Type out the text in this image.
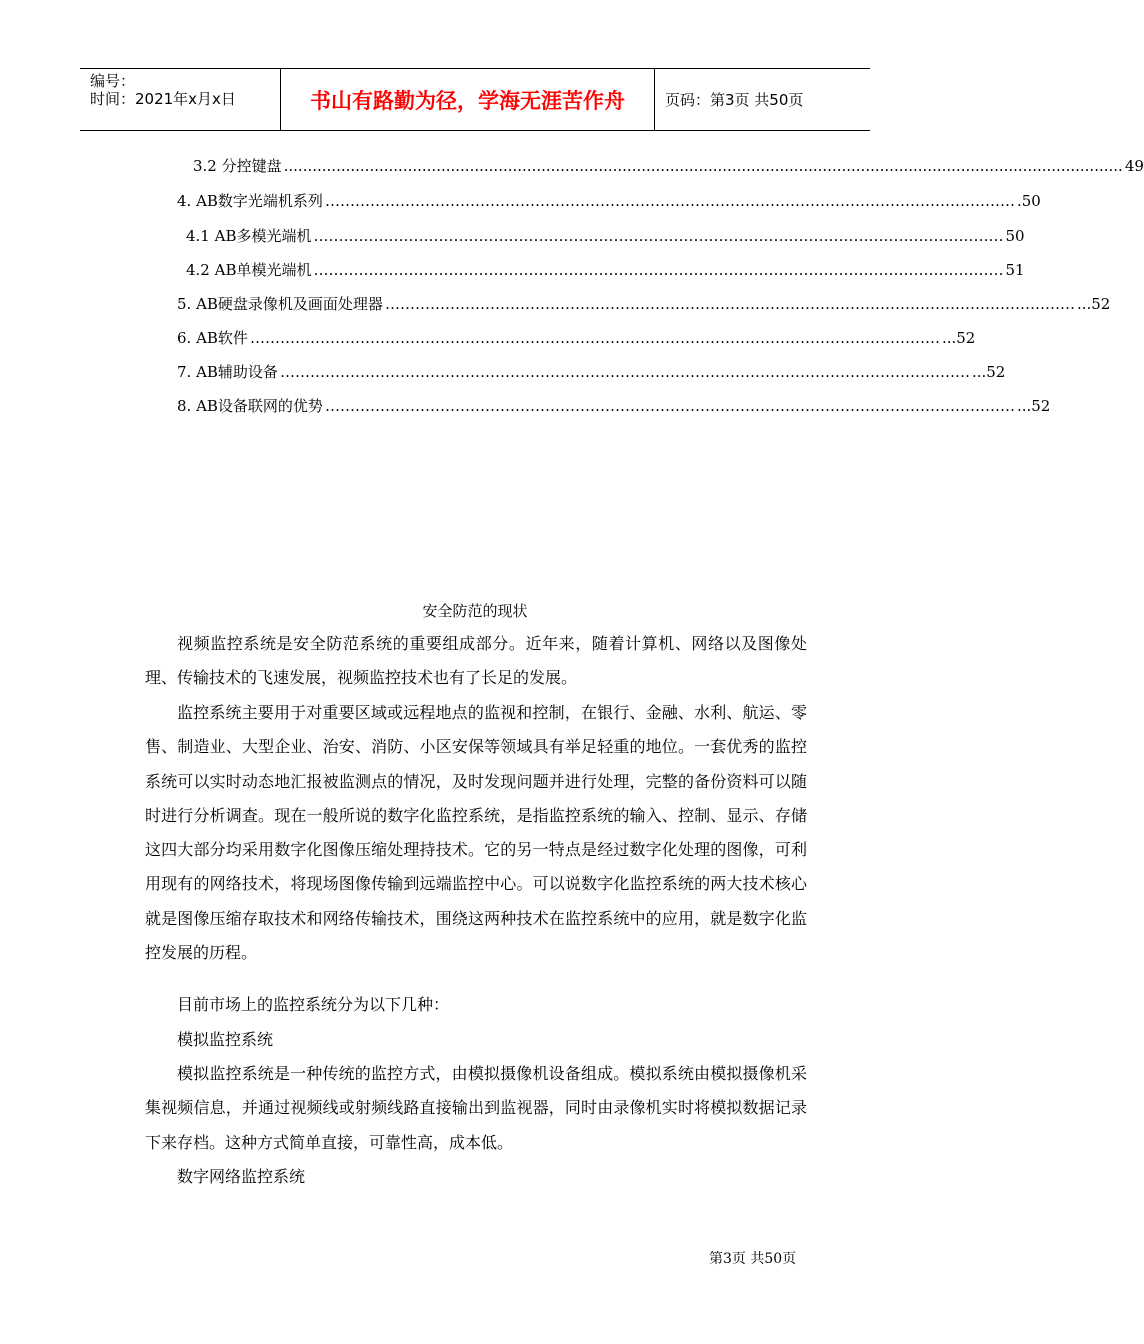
编号：
时间：2021年x月x日	书山有路勤为径，学海无涯苦作舟	页码：第3页 共50页
3.2 分控键盘 ................................................................................................................................................................................ 49
4. AB数字光端机系列 ………………………………………………………………………………………………………………………… .50
4.1 AB多模光端机 ………………………………………………………………………………………………………………………… 50
4.2 AB单模光端机 ………………………………………………………………………………………………………………………… 51
5. AB硬盘录像机及画面处理器 ………………………………………………………………………………………………………………………… ...52
6. AB软件 ………………………………………………………………………………………………………………………… ...52
7. AB辅助设备 ………………………………………………………………………………………………………………………… ...52
8. AB设备联网的优势 ………………………………………………………………………………………………………………………… ...52
安全防范的现状

视频监控系统是安全防范系统的重要组成部分。近年来，随着计算机、网络以及图像处理、传输技术的飞速发展，视频监控技术也有了长足的发展。

监控系统主要用于对重要区域或远程地点的监视和控制，在银行、金融、水利、航运、零售、制造业、大型企业、治安、消防、小区安保等领域具有举足轻重的地位。一套优秀的监控系统可以实时动态地汇报被监测点的情况，及时发现问题并进行处理，完整的备份资料可以随时进行分析调查。现在一般所说的数字化监控系统，是指监控系统的输入、控制、显示、存储这四大部分均采用数字化图像压缩处理持技术。它的另一特点是经过数字化处理的图像，可利用现有的网络技术，将现场图像传输到远端监控中心。可以说数字化监控系统的两大技术核心就是图像压缩存取技术和网络传输技术，围绕这两种技术在监控系统中的应用，就是数字化监控发展的历程。

目前市场上的监控系统分为以下几种：

模拟监控系统

模拟监控系统是一种传统的监控方式，由模拟摄像机设备组成。模拟系统由模拟摄像机采集视频信息，并通过视频线或射频线路直接输出到监视器，同时由录像机实时将模拟数据记录下来存档。这种方式简单直接，可靠性高，成本低。

数字网络监控系统

第3页 共50页
